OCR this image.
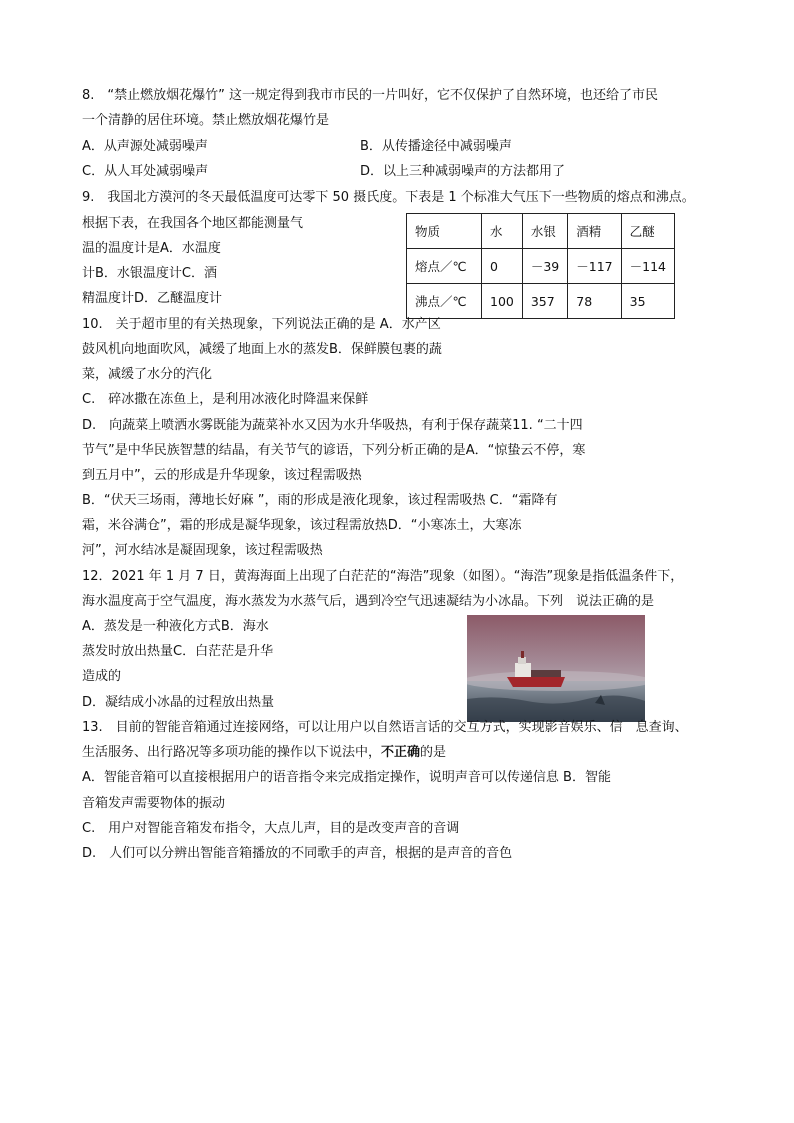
8.　“禁止燃放烟花爆竹” 这一规定得到我市市民的一片叫好，它不仅保护了自然环境，也还给了市民

一个清静的居住环境。禁止燃放烟花爆竹是

A．从声源处减弱噪声	B．从传播途径中减弱噪声

C．从人耳处减弱噪声	D．以上三种减弱噪声的方法都用了

9.　我国北方漠河的冬天最低温度可达零下 50 摄氏度。下表是 1 个标准大气压下一些物质的熔点和沸点。

根据下表，在我国各个地区都能测量气

温的温度计是A．水温度

计B．水银温度计C．酒

精温度计D．乙醚温度计

物质	水	水银	酒精	乙醚
熔点／℃	0	－39	－117	－114
沸点／℃	100	357	78	35

10.　关于超市里的有关热现象，下列说法正确的是 A．水产区

鼓风机向地面吹风，减缓了地面上水的蒸发B．保鲜膜包裹的蔬

菜，减缓了水分的汽化

C.　碎冰撒在冻鱼上，是利用冰液化时降温来保鲜

D.　向蔬菜上喷洒水雾既能为蔬菜补水又因为水升华吸热，有利于保存蔬菜11. “二十四

节气”是中华民族智慧的结晶，有关节气的谚语，下列分析正确的是A．“惊蛰云不停，寒

到五月中”，云的形成是升华现象，该过程需吸热

B．“伏天三场雨，薄地长好麻 ”，雨的形成是液化现象，该过程需吸热 C．“霜降有

霜，米谷满仓”，霜的形成是凝华现象，该过程需放热D．“小寒冻土，大寒冻

河”，河水结冰是凝固现象，该过程需吸热

12．2021 年 1 月 7 日，黄海海面上出现了白茫茫的“海浩”现象（如图）。“海浩”现象是指低温条件下，

海水温度高于空气温度，海水蒸发为水蒸气后，遇到冷空气迅速凝结为小冰晶。下列　说法正确的是

A．蒸发是一种液化方式B．海水

蒸发时放出热量C．白茫茫是升华

造成的

D．凝结成小冰晶的过程放出热量

13.　目前的智能音箱通过连接网络，可以让用户以自然语言话的交互方式，实现影音娱乐、信　息查询、

生活服务、出行路况等多项功能的操作以下说法中，不正确的是

A．智能音箱可以直接根据用户的语音指令来完成指定操作，说明声音可以传递信息 B．智能

音箱发声需要物体的振动

C.　用户对智能音箱发布指令，大点儿声，目的是改变声音的音调

D.　人们可以分辨出智能音箱播放的不同歌手的声音，根据的是声音的音色
